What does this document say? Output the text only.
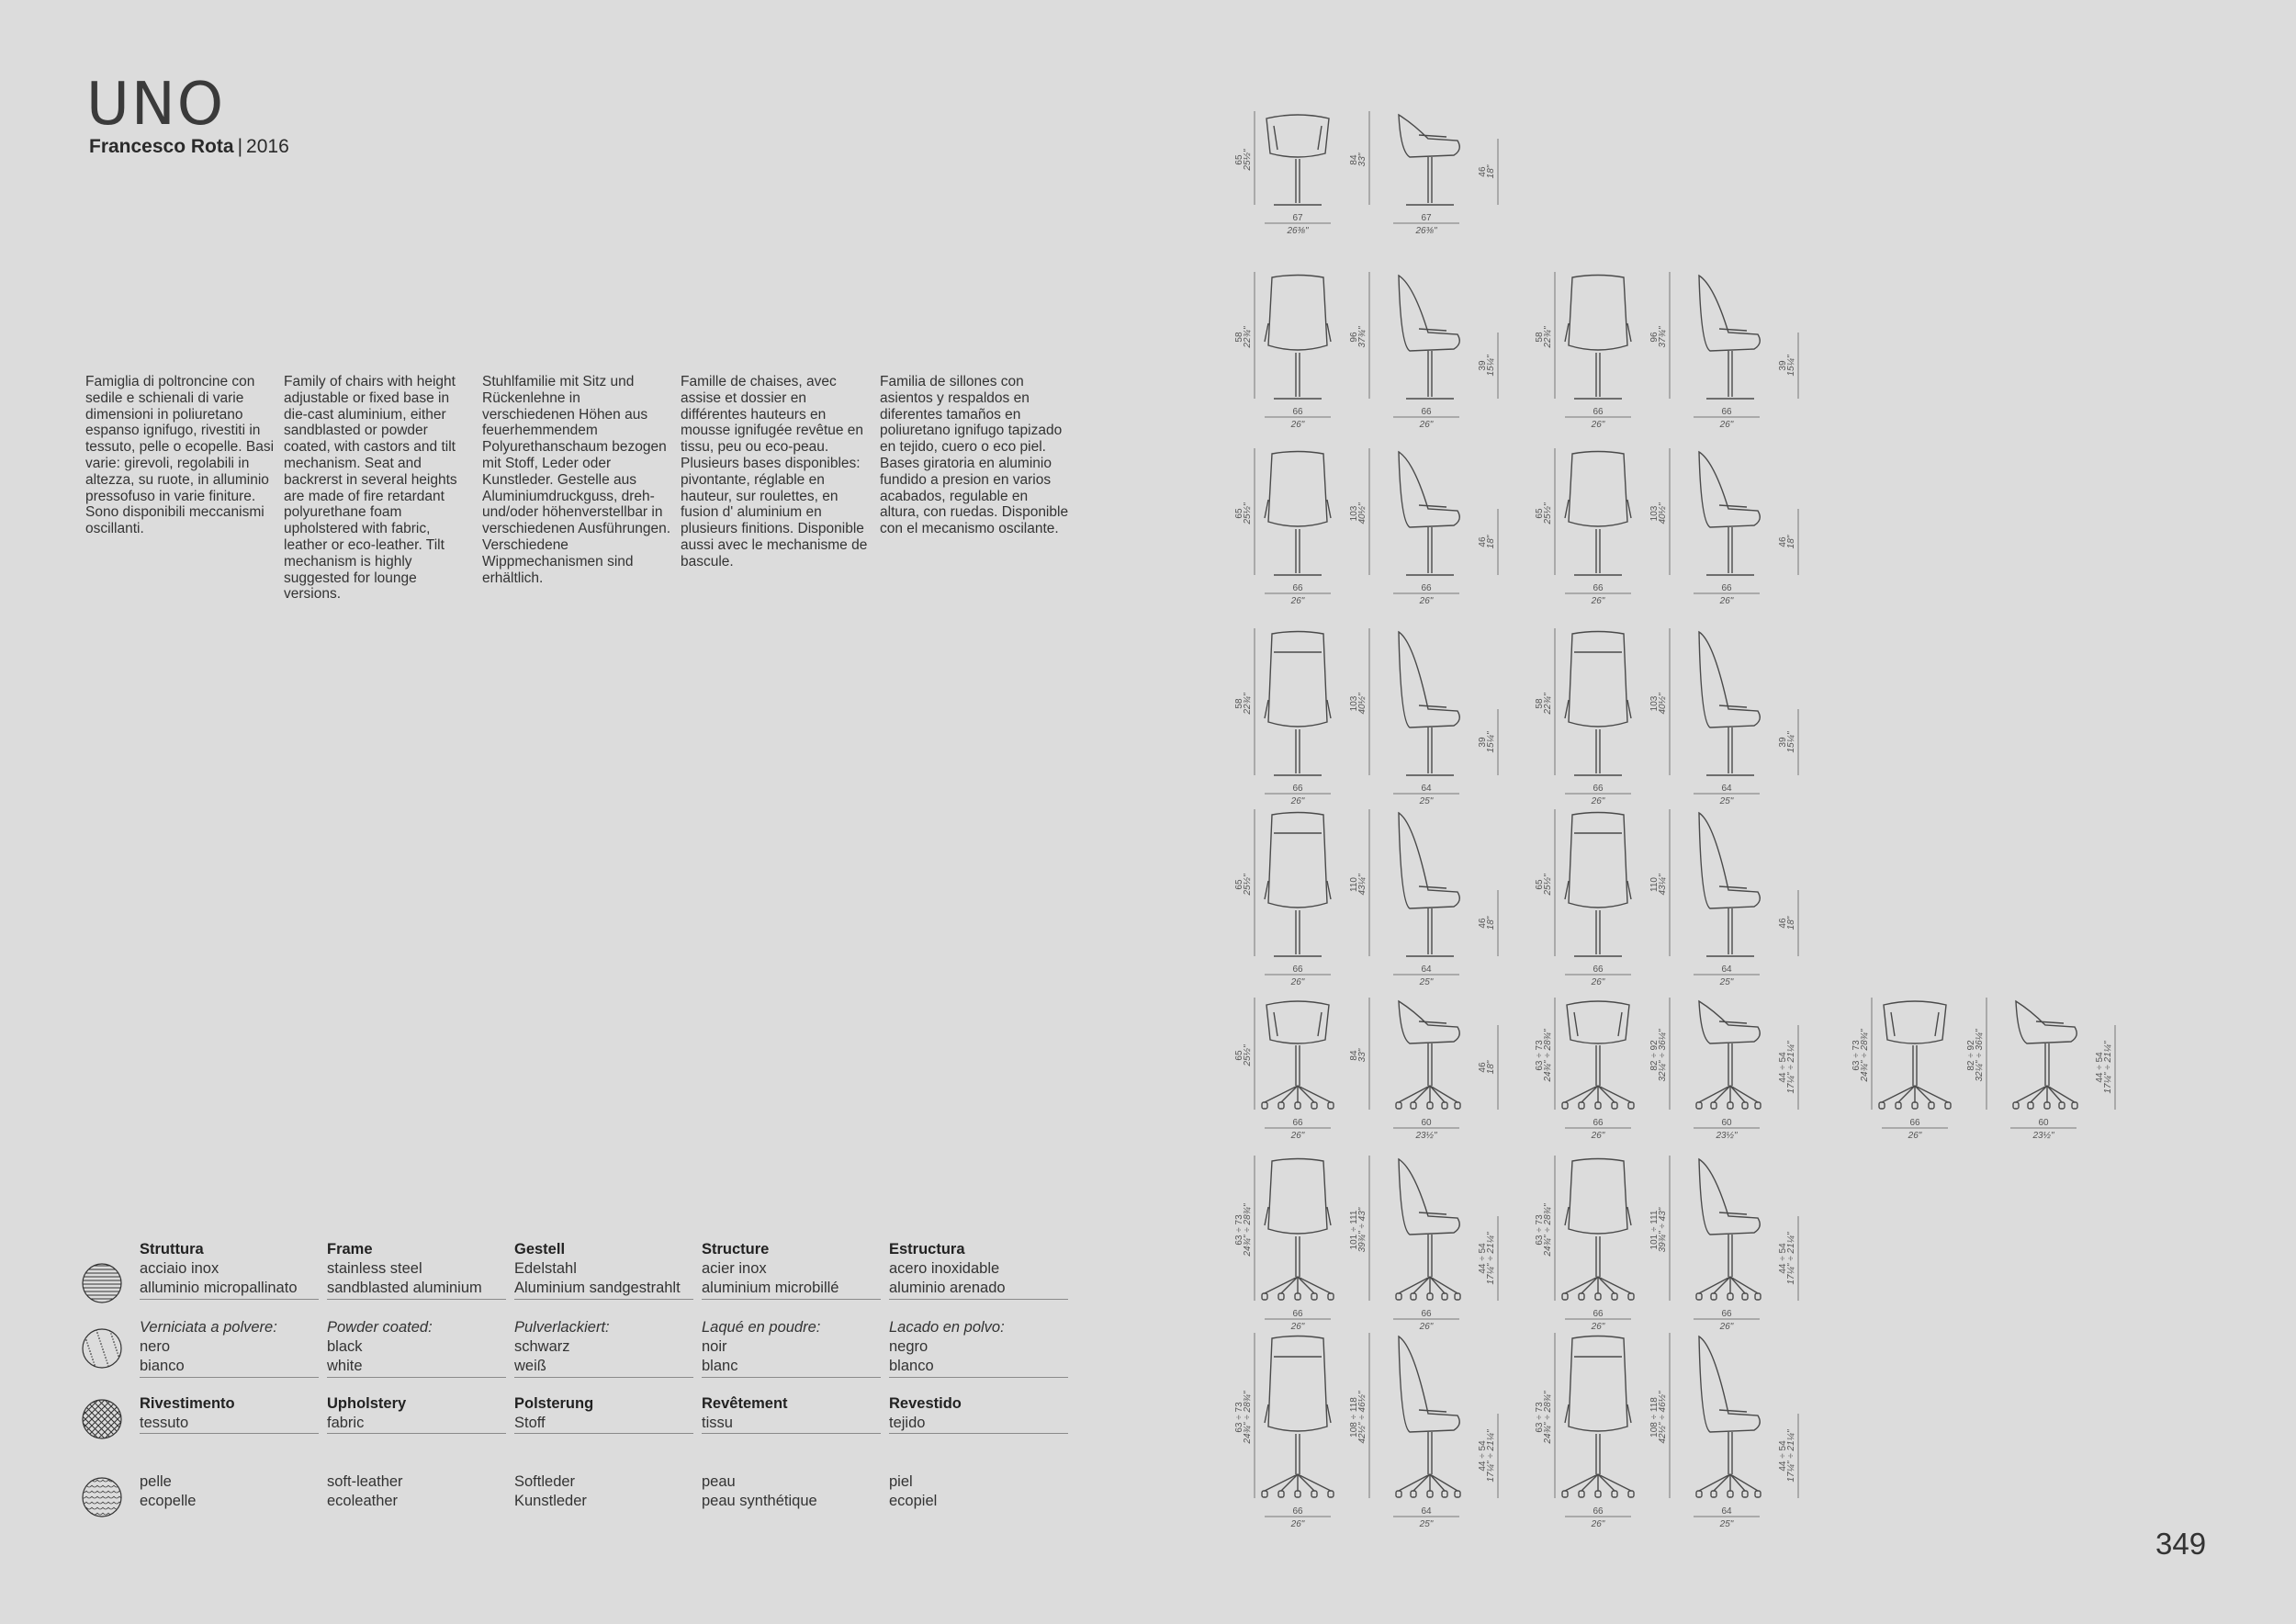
UNO
Francesco Rota | 2016
Famiglia di poltroncine con sedile e schienali di varie dimensioni in poliuretano espanso ignifugo, rivestiti in tessuto, pelle o ecopelle. Basi varie: girevoli, regolabili in altezza, su ruote, in alluminio pressofuso in varie finiture. Sono disponibili meccanismi oscillanti.
Family of chairs with height adjustable or fixed base in die-cast aluminium, either sandblasted or powder coated, with castors and tilt mechanism. Seat and backrerst in several heights are made of fire retardant polyurethane foam upholstered with fabric, leather or eco-leather. Tilt mechanism is highly suggested for lounge versions.
Stuhlfamilie mit Sitz und Rückenlehne in verschiedenen Höhen aus feuerhemmendem Polyurethanschaum bezogen mit Stoff, Leder oder Kunstleder. Gestelle aus Aluminiumdruckguss, dreh- und/oder höhenverstellbar in verschiedenen Ausführungen. Verschiedene Wippmechanismen sind erhältlich.
Famille de chaises, avec assise et dossier en différentes hauteurs en mousse ignifugée revêtue en tissu, peu ou eco-peau. Plusieurs bases disponibles: pivontante, réglable en hauteur, sur roulettes, en fusion d' aluminium en plusieurs finitions. Disponible aussi avec le mechanisme de bascule.
Familia de sillones con asientos y respaldos en diferentes tamaños en poliuretano ignifugo tapizado en tejido, cuero o eco piel. Bases giratoria en aluminio fundido a presion en varios acabados, regulable en altura, con ruedas. Disponible con el mecanismo oscilante.
Struttura
acciaio inox
alluminio micropallinato
Frame
stainless steel
sandblasted aluminium
Gestell
Edelstahl
Aluminium sandgestrahlt
Structure
acier inox
aluminium microbillé
Estructura
acero inoxidable
aluminio arenado
Verniciata a polvere:
nero
bianco
Powder coated:
black
white
Pulverlackiert:
schwarz
weiß
Laqué en poudre:
noir
blanc
Lacado en polvo:
negro
blanco
Rivestimento
tessuto
Upholstery
fabric
Polsterung
Stoff
Revêtement
tissu
Revestido
tejido
pelle
ecopelle
soft-leather
ecoleather
Softleder
Kunstleder
peau
peau synthétique
piel
ecopiel
65
25½"
67
26⅜"
84
33"
46
18"
67
26⅜"
58
22¾"
66
26"
96
37¾"
39
15¼"
66
26"
58
22¾"
66
26"
96
37¾"
39
15¼"
66
26"
65
25½"
66
26"
103
40½"
46
18"
66
26"
65
25½"
66
26"
103
40½"
46
18"
66
26"
58
22¾"
66
26"
103
40½"
39
15¼"
64
25"
58
22¾"
66
26"
103
40½"
39
15¼"
64
25"
65
25½"
66
26"
110
43¼"
46
18"
64
25"
65
25½"
66
26"
110
43¼"
46
18"
64
25"
65
25½"
66
26"
84
33"
46
18"
60
23½"
63 ÷ 73
24¾" ÷ 28¾"
66
26"
82 ÷ 92
32¼" ÷ 36¼"	44 ÷ 54
17¼" ÷ 21¼"
60
23½"
63 ÷ 73
24¾" ÷ 28¾"
66
26"
82 ÷ 92
32¼" ÷ 36¼"	44 ÷ 54
17¼" ÷ 21¼"
60
23½"
63 ÷ 73
24¾" ÷ 28¾"
66
26"
101 ÷ 111
39¾" ÷ 43"
44 ÷ 54
17¼" ÷ 21¼"
66
26"
63 ÷ 73
24¾" ÷ 28¾"
66
26"
101 ÷ 111
39¾" ÷ 43"
44 ÷ 54
17¼" ÷ 21¼"
66
26"
63 ÷ 73
24¾" ÷ 28¾"
66
26"
108 ÷ 118
42½" ÷ 46½"
44 ÷ 54
17¼" ÷ 21¼"
64
25"
63 ÷ 73
24¾" ÷ 28¾"
66
26"
108 ÷ 118
42½" ÷ 46½"
44 ÷ 54
17¼" ÷ 21¼"
64
25"
349
